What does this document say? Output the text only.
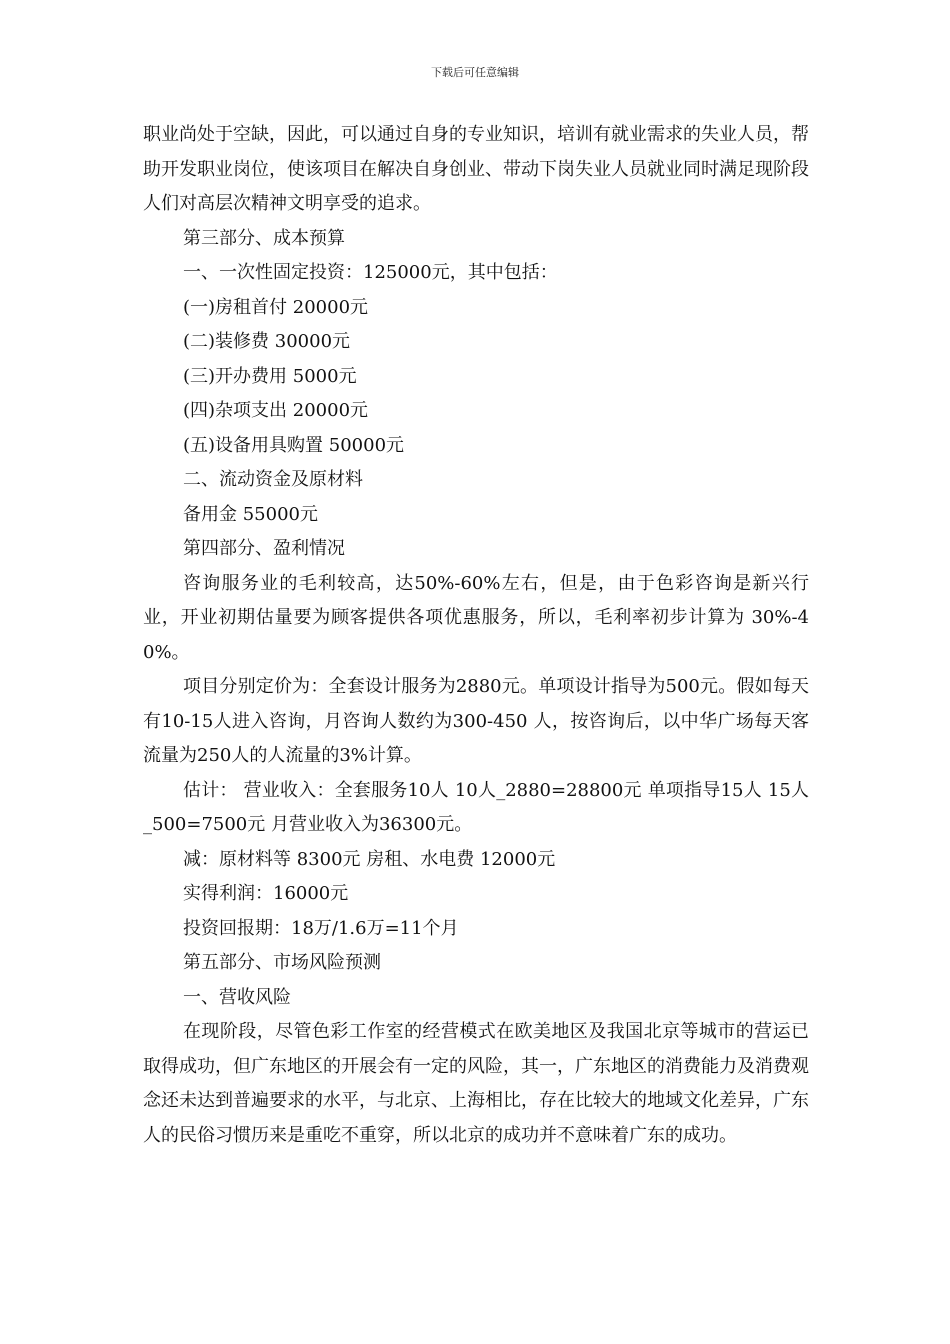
下载后可任意编辑

职业尚处于空缺，因此，可以通过自身的专业知识，培训有就业需求的失业人员，帮助开发职业岗位，使该项目在解决自身创业、带动下岗失业人员就业同时满足现阶段人们对高层次精神文明享受的追求。

第三部分、成本预算

一、一次性固定投资：125000元，其中包括：

(一)房租首付 20000元

(二)装修费 30000元

(三)开办费用 5000元

(四)杂项支出 20000元

(五)设备用具购置 50000元

二、流动资金及原材料

备用金 55000元

第四部分、盈利情况

咨询服务业的毛利较高，达50%-60%左右，但是，由于色彩咨询是新兴行业，开业初期估量要为顾客提供各项优惠服务，所以，毛利率初步计算为 30%-40%。

项目分别定价为：全套设计服务为2880元。单项设计指导为500元。假如每天有10-15人进入咨询，月咨询人数约为300-450 人，按咨询后，以中华广场每天客流量为250人的人流量的3%计算。

估计： 营业收入：全套服务10人 10人_2880=28800元 单项指导15人 15人_500=7500元 月营业收入为36300元。

减：原材料等 8300元 房租、水电费 12000元

实得利润：16000元

投资回报期：18万/1.6万=11个月

第五部分、市场风险预测

一、营收风险

在现阶段，尽管色彩工作室的经营模式在欧美地区及我国北京等城市的营运已取得成功，但广东地区的开展会有一定的风险，其一，广东地区的消费能力及消费观念还未达到普遍要求的水平，与北京、上海相比，存在比较大的地域文化差异，广东人的民俗习惯历来是重吃不重穿，所以北京的成功并不意味着广东的成功。
